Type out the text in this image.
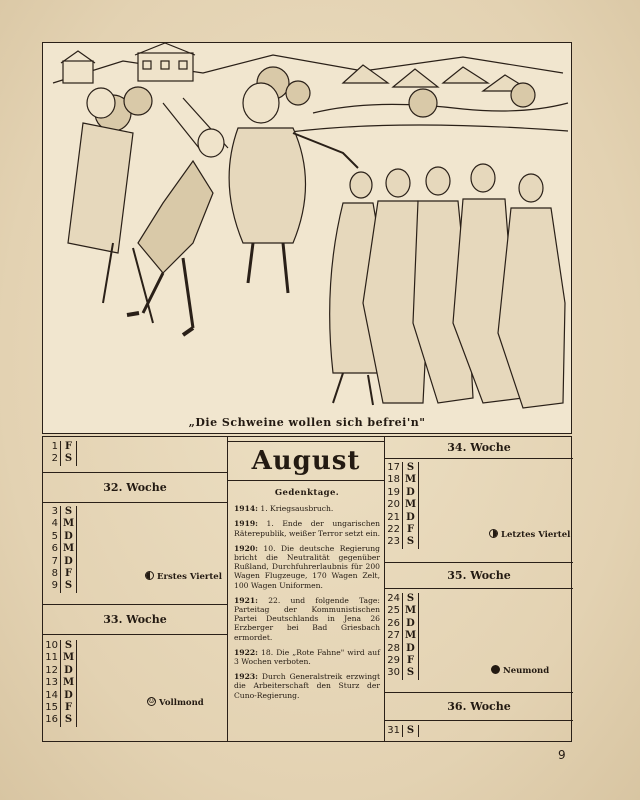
„Die Schweine wollen sich befrei'n"
1 F
2 S
32. Woche
3 S
4 M
5 D
6 M
7 D
8 F
9 S
Erstes Viertel
33. Woche
10 S
11 M
12 D
13 M
14 D
15 F
16 S
☺Vollmond
August
Gedenktage.
1914: 1. Kriegsausbruch.
1919: 1. Ende der ungarischen Räterepublik, weißer Terror setzt ein.
1920: 10. Die deutsche Regierung bricht die Neutralität gegenüber Rußland, Durchfuhrerlaubnis für 200 Wagen Flugzeuge, 170 Wagen Zelt, 100 Wagen Uniformen.
1921: 22. und folgende Tage: Parteitag der Kommunistischen Partei Deutschlands in Jena 26 Erzberger bei Bad Griesbach ermordet.
1922: 18. Die „Rote Fahne" wird auf 3 Wochen verboten.
1923: Durch Generalstreik erzwingt die Arbeiterschaft den Sturz der Cuno-Regierung.
34. Woche
17 S
18 M
19 D
20 M
21 D
22 F
23 S
Letztes Viertel
35. Woche
24 S
25 M
26 D
27 M
28 D
29 F
30 S	Neumond
36. Woche
31 S
9
